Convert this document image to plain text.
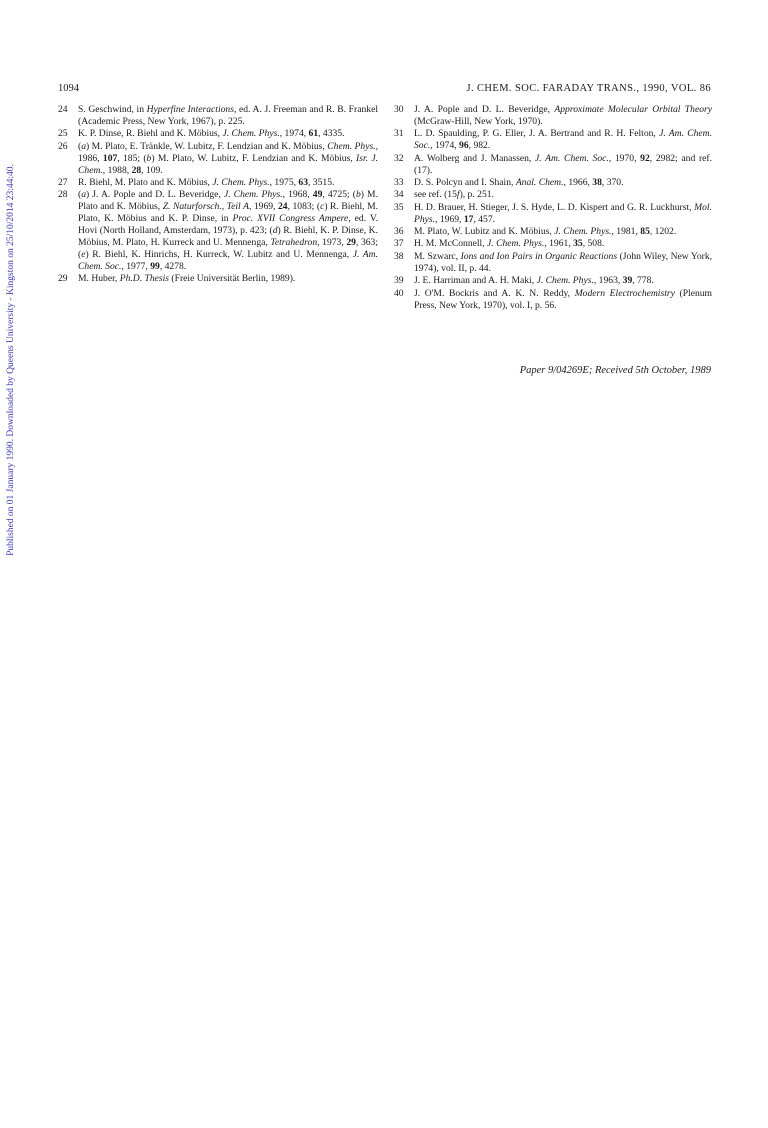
Published on 01 January 1990. Downloaded by Queens University - Kingston on 25/10/2014 23:44:40.
1094	J. CHEM. SOC. FARADAY TRANS., 1990, VOL. 86
24	S. Geschwind, in Hyperfine Interactions, ed. A. J. Freeman and R. B. Frankel (Academic Press, New York, 1967), p. 225.
25	K. P. Dinse, R. Biehl and K. Möbius, J. Chem. Phys., 1974, 61, 4335.
26	(a) M. Plato, E. Tränkle, W. Lubitz, F. Lendzian and K. Möbius, Chem. Phys., 1986, 107, 185; (b) M. Plato, W. Lubitz, F. Lendzian and K. Möbius, Isr. J. Chem., 1988, 28, 109.
27	R. Biehl, M. Plato and K. Möbius, J. Chem. Phys., 1975, 63, 3515.
28	(a) J. A. Pople and D. L. Beveridge, J. Chem. Phys., 1968, 49, 4725; (b) M. Plato and K. Möbius, Z. Naturforsch., Teil A, 1969, 24, 1083; (c) R. Biehl, M. Plato, K. Möbius and K. P. Dinse, in Proc. XVII Congress Ampere, ed. V. Hovi (North Holland, Amsterdam, 1973), p. 423; (d) R. Biehl, K. P. Dinse, K. Möbius, M. Plato, H. Kurreck and U. Mennenga, Tetrahedron, 1973, 29, 363; (e) R. Biehl, K. Hinrichs, H. Kurreck, W. Lubitz and U. Mennenga, J. Am. Chem. Soc., 1977, 99, 4278.
29	M. Huber, Ph.D. Thesis (Freie Universität Berlin, 1989).
30	J. A. Pople and D. L. Beveridge, Approximate Molecular Orbital Theory (McGraw-Hill, New York, 1970).
31	L. D. Spaulding, P. G. Eller, J. A. Bertrand and R. H. Felton, J. Am. Chem. Soc., 1974, 96, 982.
32	A. Wolberg and J. Manassen, J. Am. Chem. Soc., 1970, 92, 2982; and ref. (17).
33	D. S. Polcyn and I. Shain, Anal. Chem., 1966, 38, 370.
34	see ref. (15f), p. 251.
35	H. D. Brauer, H. Stieger, J. S. Hyde, L. D. Kispert and G. R. Luckhurst, Mol. Phys., 1969, 17, 457.
36	M. Plato, W. Lubitz and K. Möbius, J. Chem. Phys., 1981, 85, 1202.
37	H. M. McConnell, J. Chem. Phys., 1961, 35, 508.
38	M. Szwarc, Ions and Ion Pairs in Organic Reactions (John Wiley, New York, 1974), vol. II, p. 44.
39	J. E. Harriman and A. H. Maki, J. Chem. Phys., 1963, 39, 778.
40	J. O'M. Bockris and A. K. N. Reddy, Modern Electrochemistry (Plenum Press, New York, 1970), vol. I, p. 56.
Paper 9/04269E; Received 5th October, 1989
